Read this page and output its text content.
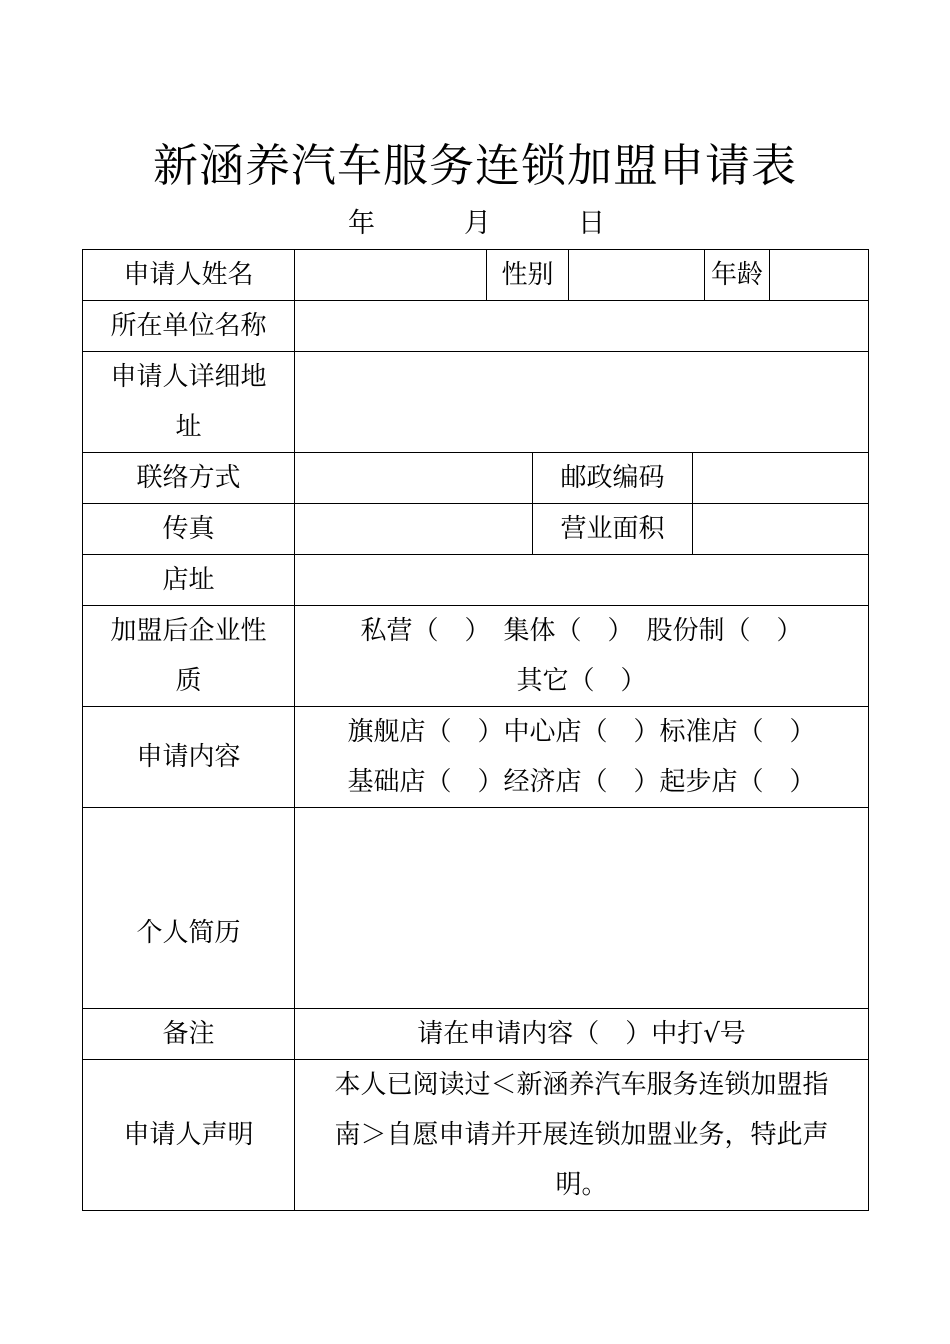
新涵养汽车服务连锁加盟申请表
年	月	日
申请人姓名		性别				年龄	
所在单位名称							
申请人详细地址							
联络方式			邮政编码				
传真			营业面积				
店址							
加盟后企业性质	私营（　）　集体（　）　股份制（　）
其它（　）						

申请内容	旗舰店（　）中心店（　）标准店（　）
基础店（　）经济店（　）起步店（　）						

个人简历							
备注	请在申请内容（　）中打√号						
申请人声明	本人已阅读过＜新涵养汽车服务连锁加盟指
南＞自愿申请并开展连锁加盟业务，特此声
明。						
